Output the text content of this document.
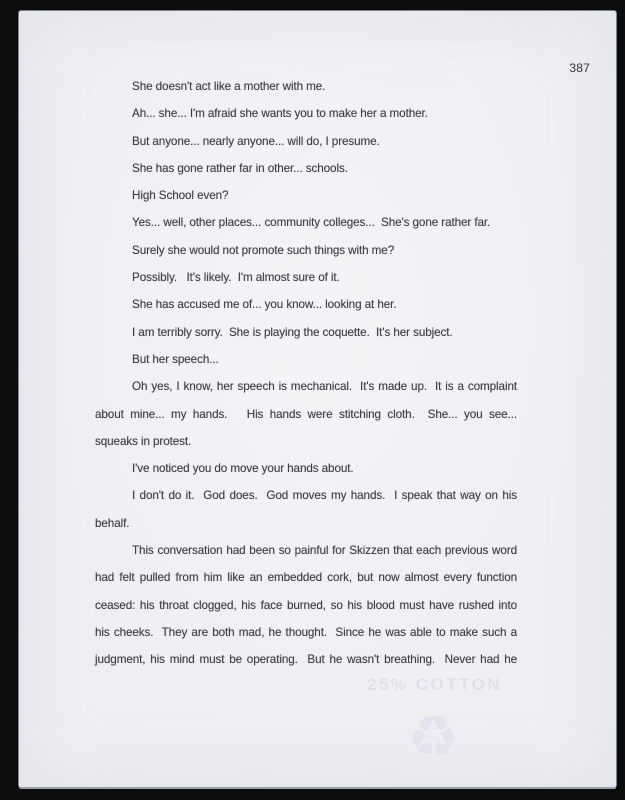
387
She doesn't act like a mother with me.
Ah... she... I'm afraid she wants you to make her a mother.
But anyone... nearly anyone... will do, I presume.
She has gone rather far in other... schools.
High School even?
Yes... well, other places... community colleges...  She's gone rather far.
Surely she would not promote such things with me?
Possibly.   It's likely.  I'm almost sure of it.
She has accused me of... you know... looking at her.
I am terribly sorry.  She is playing the coquette.  It's her subject.
But her speech...
Oh yes, I know, her speech is mechanical.  It's made up.  It is a complaint
about mine... my hands.   His hands were stitching cloth.  She... you see...
squeaks in protest.
I've noticed you do move your hands about.
I don't do it.  God does.  God moves my hands.  I speak that way on his
behalf.
This conversation had been so painful for Skizzen that each previous word
had felt pulled from him like an embedded cork, but now almost every function
ceased: his throat clogged, his face burned, so his blood must have rushed into
his cheeks.  They are both mad, he thought.  Since he was able to make such a
judgment, his mind must be operating.  But he wasn't breathing.  Never had he
25% COTTON
♻
